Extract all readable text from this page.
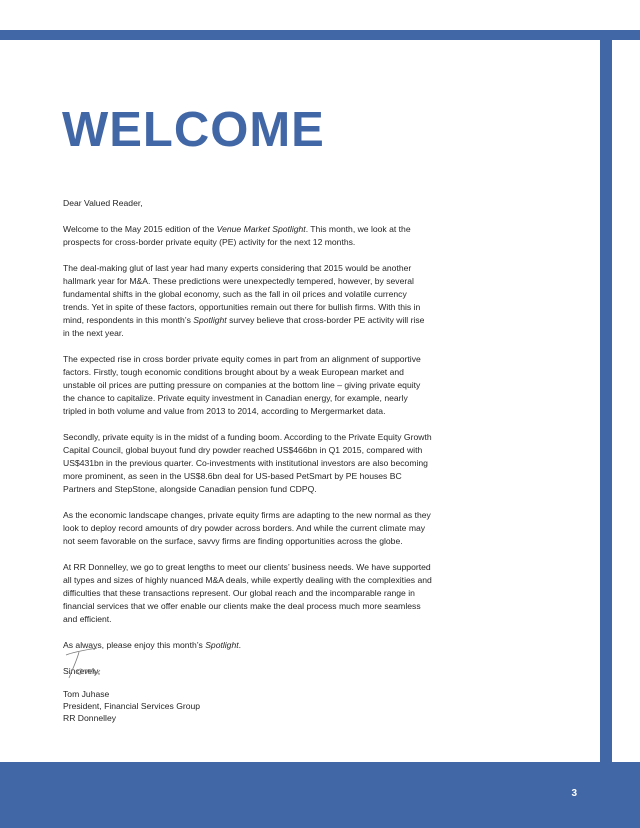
3
WELCOME

Dear Valued Reader,

Welcome to the May 2015 edition of the Venue Market Spotlight. This month, we look at the prospects for cross-border private equity (PE) activity for the next 12 months.

The deal-making glut of last year had many experts considering that 2015 would be another hallmark year for M&A. These predictions were unexpectedly tempered, however, by several fundamental shifts in the global economy, such as the fall in oil prices and volatile currency trends. Yet in spite of these factors, opportunities remain out there for bullish firms. With this in mind, respondents in this month’s Spotlight survey believe that cross-border PE activity will rise in the next year.

The expected rise in cross border private equity comes in part from an alignment of supportive factors. Firstly, tough economic conditions brought about by a weak European market and unstable oil prices are putting pressure on companies at the bottom line – giving private equity the chance to capitalize. Private equity investment in Canadian energy, for example, nearly tripled in both volume and value from 2013 to 2014, according to Mergermarket data.

Secondly, private equity is in the midst of a funding boom. According to the Private Equity Growth Capital Council, global buyout fund dry powder reached US$466bn in Q1 2015, compared with US$431bn in the previous quarter. Co-investments with institutional investors are also becoming more prominent, as seen in the US$8.6bn deal for US-based PetSmart by PE houses BC Partners and StepStone, alongside Canadian pension fund CDPQ.

As the economic landscape changes, private equity firms are adapting to the new normal as they look to deploy record amounts of dry powder across borders. And while the current climate may not seem favorable on the surface, savvy firms are finding opportunities across the globe.

At RR Donnelley, we go to great lengths to meet our clients’ business needs. We have supported all types and sizes of highly nuanced M&A deals, while expertly dealing with the complexities and difficulties that these transactions represent. Our global reach and the incomparable range in financial services that we offer enable our clients make the deal process much more seamless and efficient.

As always, please enjoy this month’s Spotlight.

Sincerely,

Tom Juhase
President, Financial Services Group
RR Donnelley
